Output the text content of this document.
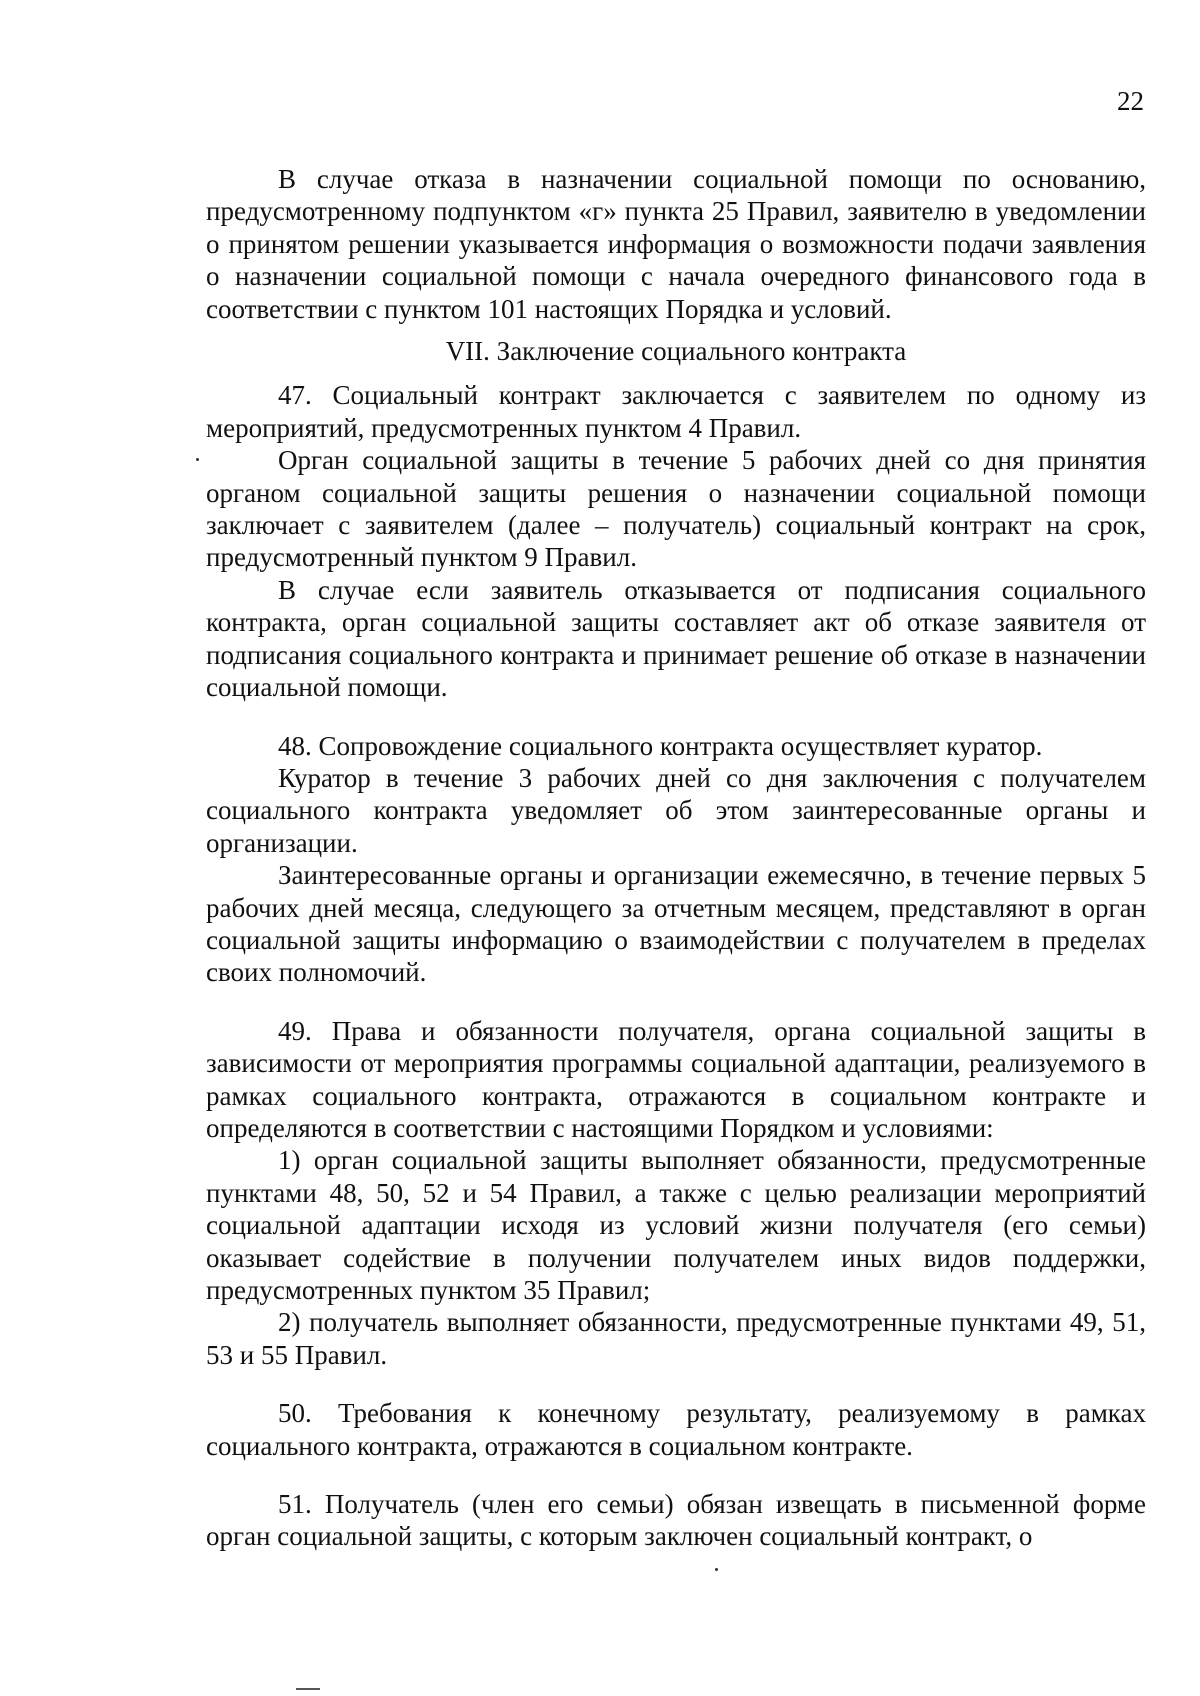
22

В случае отказа в назначении социальной помощи по основанию, предусмотренному подпунктом «г» пункта 25 Правил, заявителю в уведомлении о принятом решении указывается информация о возможности подачи заявления о назначении социальной помощи с начала очередного финансового года в соответствии с пунктом 101 настоящих Порядка и условий.

VII. Заключение социального контракта

47. Социальный контракт заключается с заявителем по одному из мероприятий, предусмотренных пунктом 4 Правил.

Орган социальной защиты в течение 5 рабочих дней со дня принятия органом социальной защиты решения о назначении социальной помощи заключает с заявителем (далее – получатель) социальный контракт на срок, предусмотренный пунктом 9 Правил.

В случае если заявитель отказывается от подписания социального контракта, орган социальной защиты составляет акт об отказе заявителя от подписания социального контракта и принимает решение об отказе в назначении социальной помощи.

48. Сопровождение социального контракта осуществляет куратор.

Куратор в течение 3 рабочих дней со дня заключения с получателем социального контракта уведомляет об этом заинтересованные органы и организации.

Заинтересованные органы и организации ежемесячно, в течение первых 5 рабочих дней месяца, следующего за отчетным месяцем, представляют в орган социальной защиты информацию о взаимодействии с получателем в пределах своих полномочий.

49. Права и обязанности получателя, органа социальной защиты в зависимости от мероприятия программы социальной адаптации, реализуемого в рамках социального контракта, отражаются в социальном контракте и определяются в соответствии с настоящими Порядком и условиями:

1) орган социальной защиты выполняет обязанности, предусмотренные пунктами 48, 50, 52 и 54 Правил, а также с целью реализации мероприятий социальной адаптации исходя из условий жизни получателя (его семьи) оказывает содействие в получении получателем иных видов поддержки, предусмотренных пунктом 35 Правил;

2) получатель выполняет обязанности, предусмотренные пунктами 49, 51, 53 и 55 Правил.

50. Требования к конечному результату, реализуемому в рамках социального контракта, отражаются в социальном контракте.

51. Получатель (член его семьи) обязан извещать в письменной форме орган социальной защиты, с которым заключен социальный контракт, о
